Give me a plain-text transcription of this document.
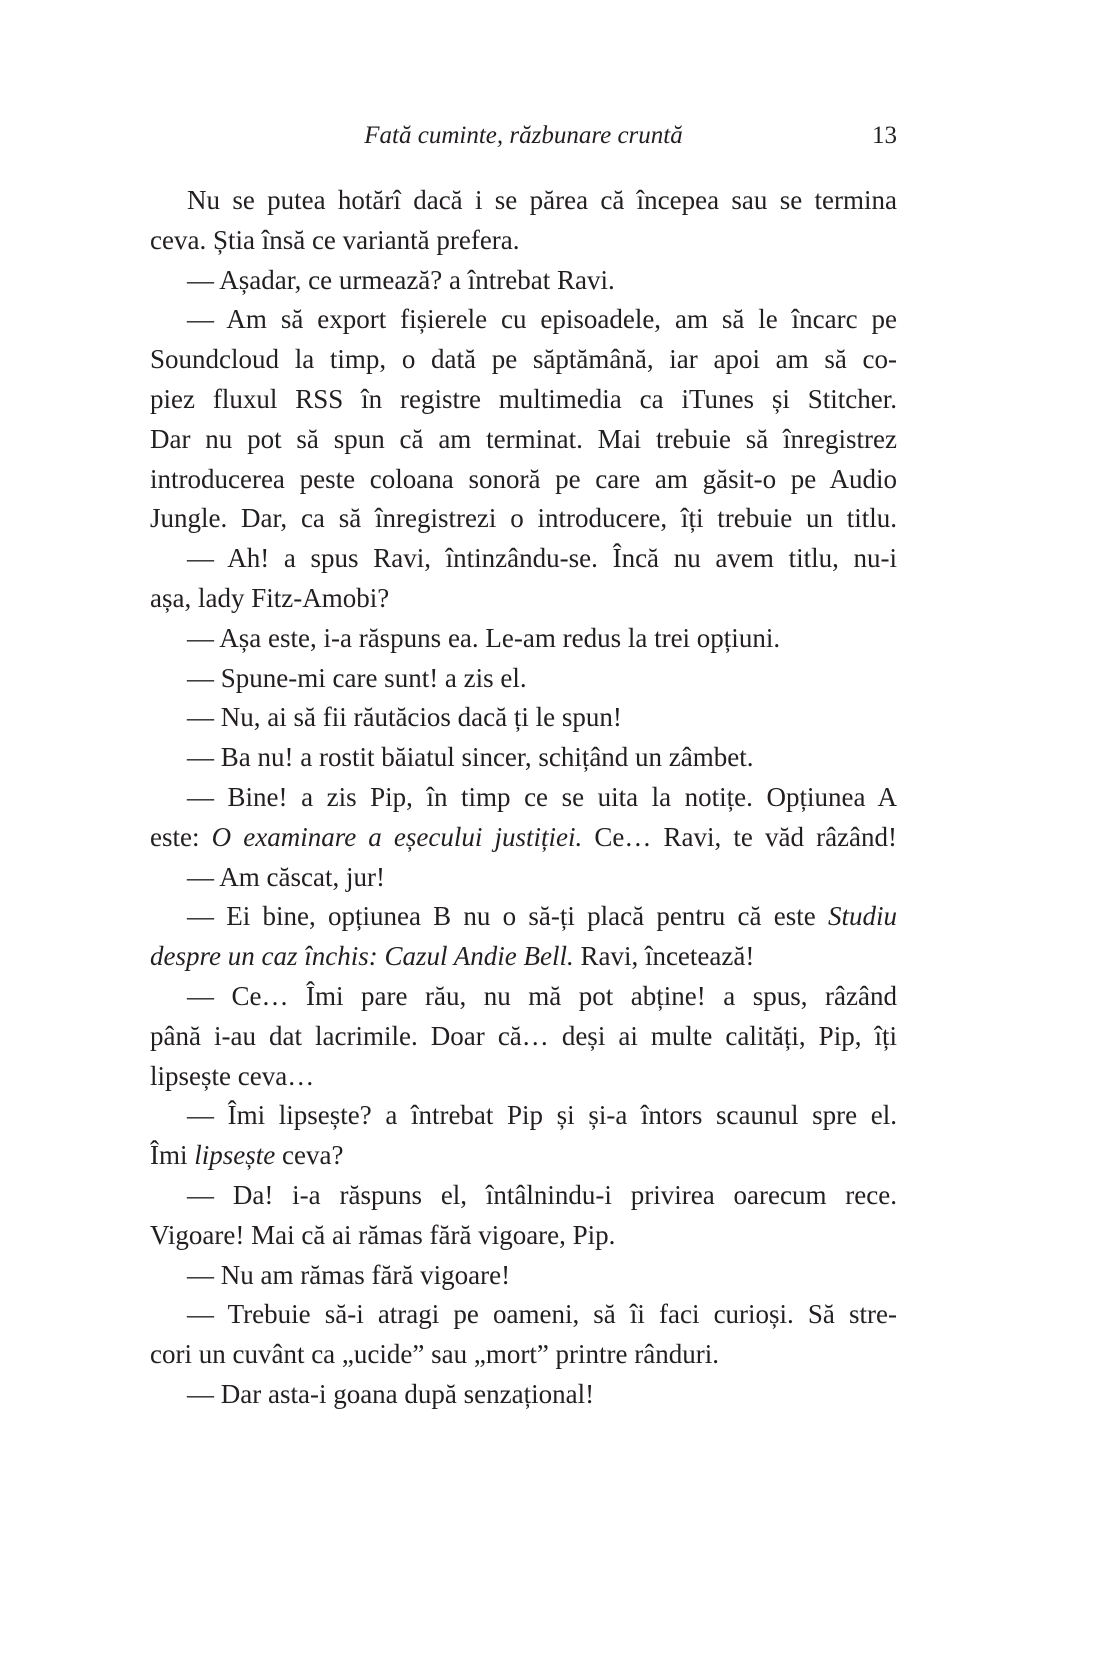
Fată cuminte, răzbunare cruntă	13
Nu se putea hotărî dacă i se părea că începea sau se termina
ceva. Știa însă ce variantă prefera.
— Așadar, ce urmează? a întrebat Ravi.
— Am să export fișierele cu episoadele, am să le încarc pe
Soundcloud la timp, o dată pe săptămână, iar apoi am să co-
piez fluxul RSS în registre multimedia ca iTunes și Stitcher.
Dar nu pot să spun că am terminat. Mai trebuie să înregistrez
introducerea peste coloana sonoră pe care am găsit-o pe Audio
Jungle. Dar, ca să înregistrezi o introducere, îți trebuie un titlu.
— Ah! a spus Ravi, întinzându-se. Încă nu avem titlu, nu-i
așa, lady Fitz-Amobi?
— Așa este, i-a răspuns ea. Le-am redus la trei opțiuni.
— Spune-mi care sunt! a zis el.
— Nu, ai să fii răutăcios dacă ți le spun!
— Ba nu! a rostit băiatul sincer, schițând un zâmbet.
— Bine! a zis Pip, în timp ce se uita la notițe. Opțiunea A
este: O examinare a eșecului justiției. Ce… Ravi, te văd râzând!
— Am căscat, jur!
— Ei bine, opțiunea B nu o să-ți placă pentru că este Studiu
despre un caz închis: Cazul Andie Bell. Ravi, încetează!
— Ce… Îmi pare rău, nu mă pot abține! a spus, râzând
până i-au dat lacrimile. Doar că… deși ai multe calități, Pip, îți
lipsește ceva…
— Îmi lipsește? a întrebat Pip și și-a întors scaunul spre el.
Îmi lipsește ceva?
— Da! i-a răspuns el, întâlnindu-i privirea oarecum rece.
Vigoare! Mai că ai rămas fără vigoare, Pip.
— Nu am rămas fără vigoare!
— Trebuie să-i atragi pe oameni, să îi faci curioși. Să stre-
cori un cuvânt ca „ucide” sau „mort” printre rânduri.
— Dar asta-i goana după senzațional!
